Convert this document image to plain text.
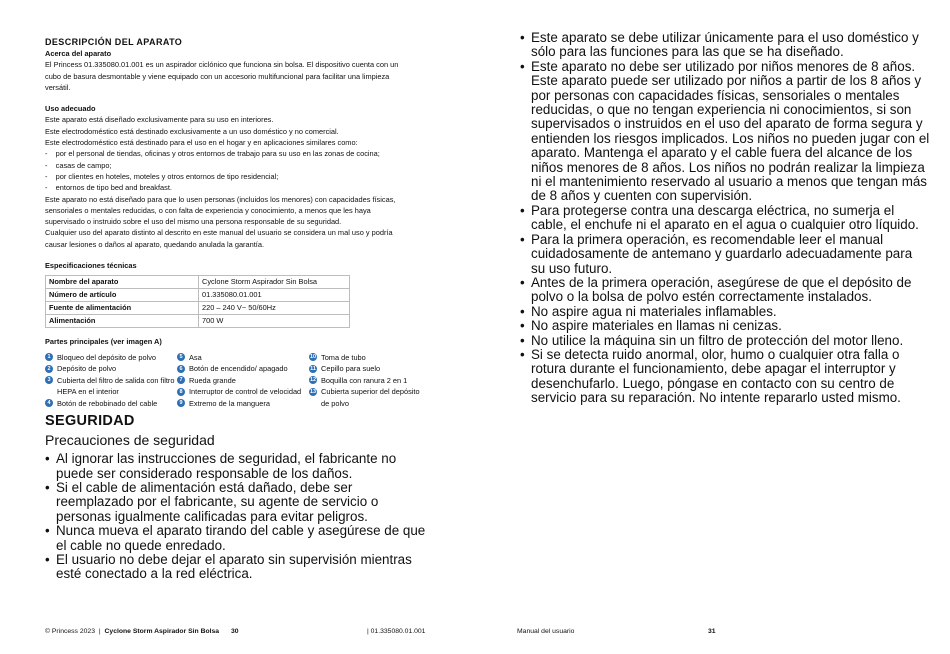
DESCRIPCIÓN DEL APARATO
Acerca del aparato

El Princess 01.335080.01.001 es un aspirador ciclónico que funciona sin bolsa. El dispositivo cuenta con un

cubo de basura desmontable y viene equipado con un accesorio multifuncional para facilitar una limpieza

versátil.

Uso adecuado

Este aparato está diseñado exclusivamente para su uso en interiores.

Este electrodoméstico está destinado exclusivamente a un uso doméstico y no comercial.

Este electrodoméstico está destinado para el uso en el hogar y en aplicaciones similares como:

-    por el personal de tiendas, oficinas y otros entornos de trabajo para su uso en las zonas de cocina;

-    casas de campo;

-    por clientes en hoteles, moteles y otros entornos de tipo residencial;

-    entornos de tipo bed and breakfast.

Este aparato no está diseñado para que lo usen personas (incluidos los menores) con capacidades físicas,

sensoriales o mentales reducidas, o con falta de experiencia y conocimiento, a menos que les haya

supervisado o instruido sobre el uso del mismo una persona responsable de su seguridad.

Cualquier uso del aparato distinto al descrito en este manual del usuario se considera un mal uso y podría

causar lesiones o daños al aparato, quedando anulada la garantía.

Especificaciones técnicas
Nombre del aparato	Cyclone Storm Aspirador Sin Bolsa
Número de artículo	01.335080.01.001
Fuente de alimentación	220 – 240 V~ 50/60Hz
Alimentación	700 W
Partes principales (ver imagen A)
1 Bloqueo del depósito de polvo
2 Depósito de polvo
3 Cubierta del filtro de salida con filtro HEPA en el interior
4 Botón de rebobinado del cable
5 Asa
6 Botón de encendido/ apagado
7 Rueda grande
8 Interruptor de control de velocidad
9 Extremo de la manguera
10 Toma de tubo
11 Cepillo para suelo
12 Boquilla con ranura 2 en 1
13 Cubierta superior del depósito de polvo
SEGURIDAD
Precauciones de seguridad
• Al ignorar las instrucciones de seguridad, el fabricante no puede ser considerado responsable de los daños.
• Si el cable de alimentación está dañado, debe ser reemplazado por el fabricante, su agente de servicio o personas igualmente calificadas para evitar peligros.
• Nunca mueva el aparato tirando del cable y asegúrese de que el cable no quede enredado.
• El usuario no debe dejar el aparato sin supervisión mientras esté conectado a la red eléctrica.
© Princess 2023 | Cyclone Storm Aspirador Sin Bolsa 30	| 01.335080.01.001
• Este aparato se debe utilizar únicamente para el uso doméstico y sólo para las funciones para las que se ha diseñado.
• Este aparato no debe ser utilizado por niños menores de 8 años. Este aparato puede ser utilizado por niños a partir de los 8 años y por personas con capacidades físicas, sensoriales o mentales reducidas, o que no tengan experiencia ni conocimientos, si son supervisados o instruidos en el uso del aparato de forma segura y entienden los riesgos implicados. Los niños no pueden jugar con el aparato. Mantenga el aparato y el cable fuera del alcance de los niños menores de 8 años. Los niños no podrán realizar la limpieza ni el mantenimiento reservado al usuario a menos que tengan más de 8 años y cuenten con supervisión.
• Para protegerse contra una descarga eléctrica, no sumerja el cable, el enchufe ni el aparato en el agua o cualquier otro líquido.
• Para la primera operación, es recomendable leer el manual cuidadosamente de antemano y guardarlo adecuadamente para su uso futuro.
• Antes de la primera operación, asegúrese de que el depósito de polvo o la bolsa de polvo estén correctamente instalados.
• No aspire agua ni materiales inflamables.
• No aspire materiales en llamas ni cenizas.
• No utilice la máquina sin un filtro de protección del motor lleno.
• Si se detecta ruido anormal, olor, humo o cualquier otra falla o rotura durante el funcionamiento, debe apagar el interruptor y desenchufarlo. Luego, póngase en contacto con su centro de servicio para su reparación. No intente repararlo usted mismo.
Manual del usuario	31
